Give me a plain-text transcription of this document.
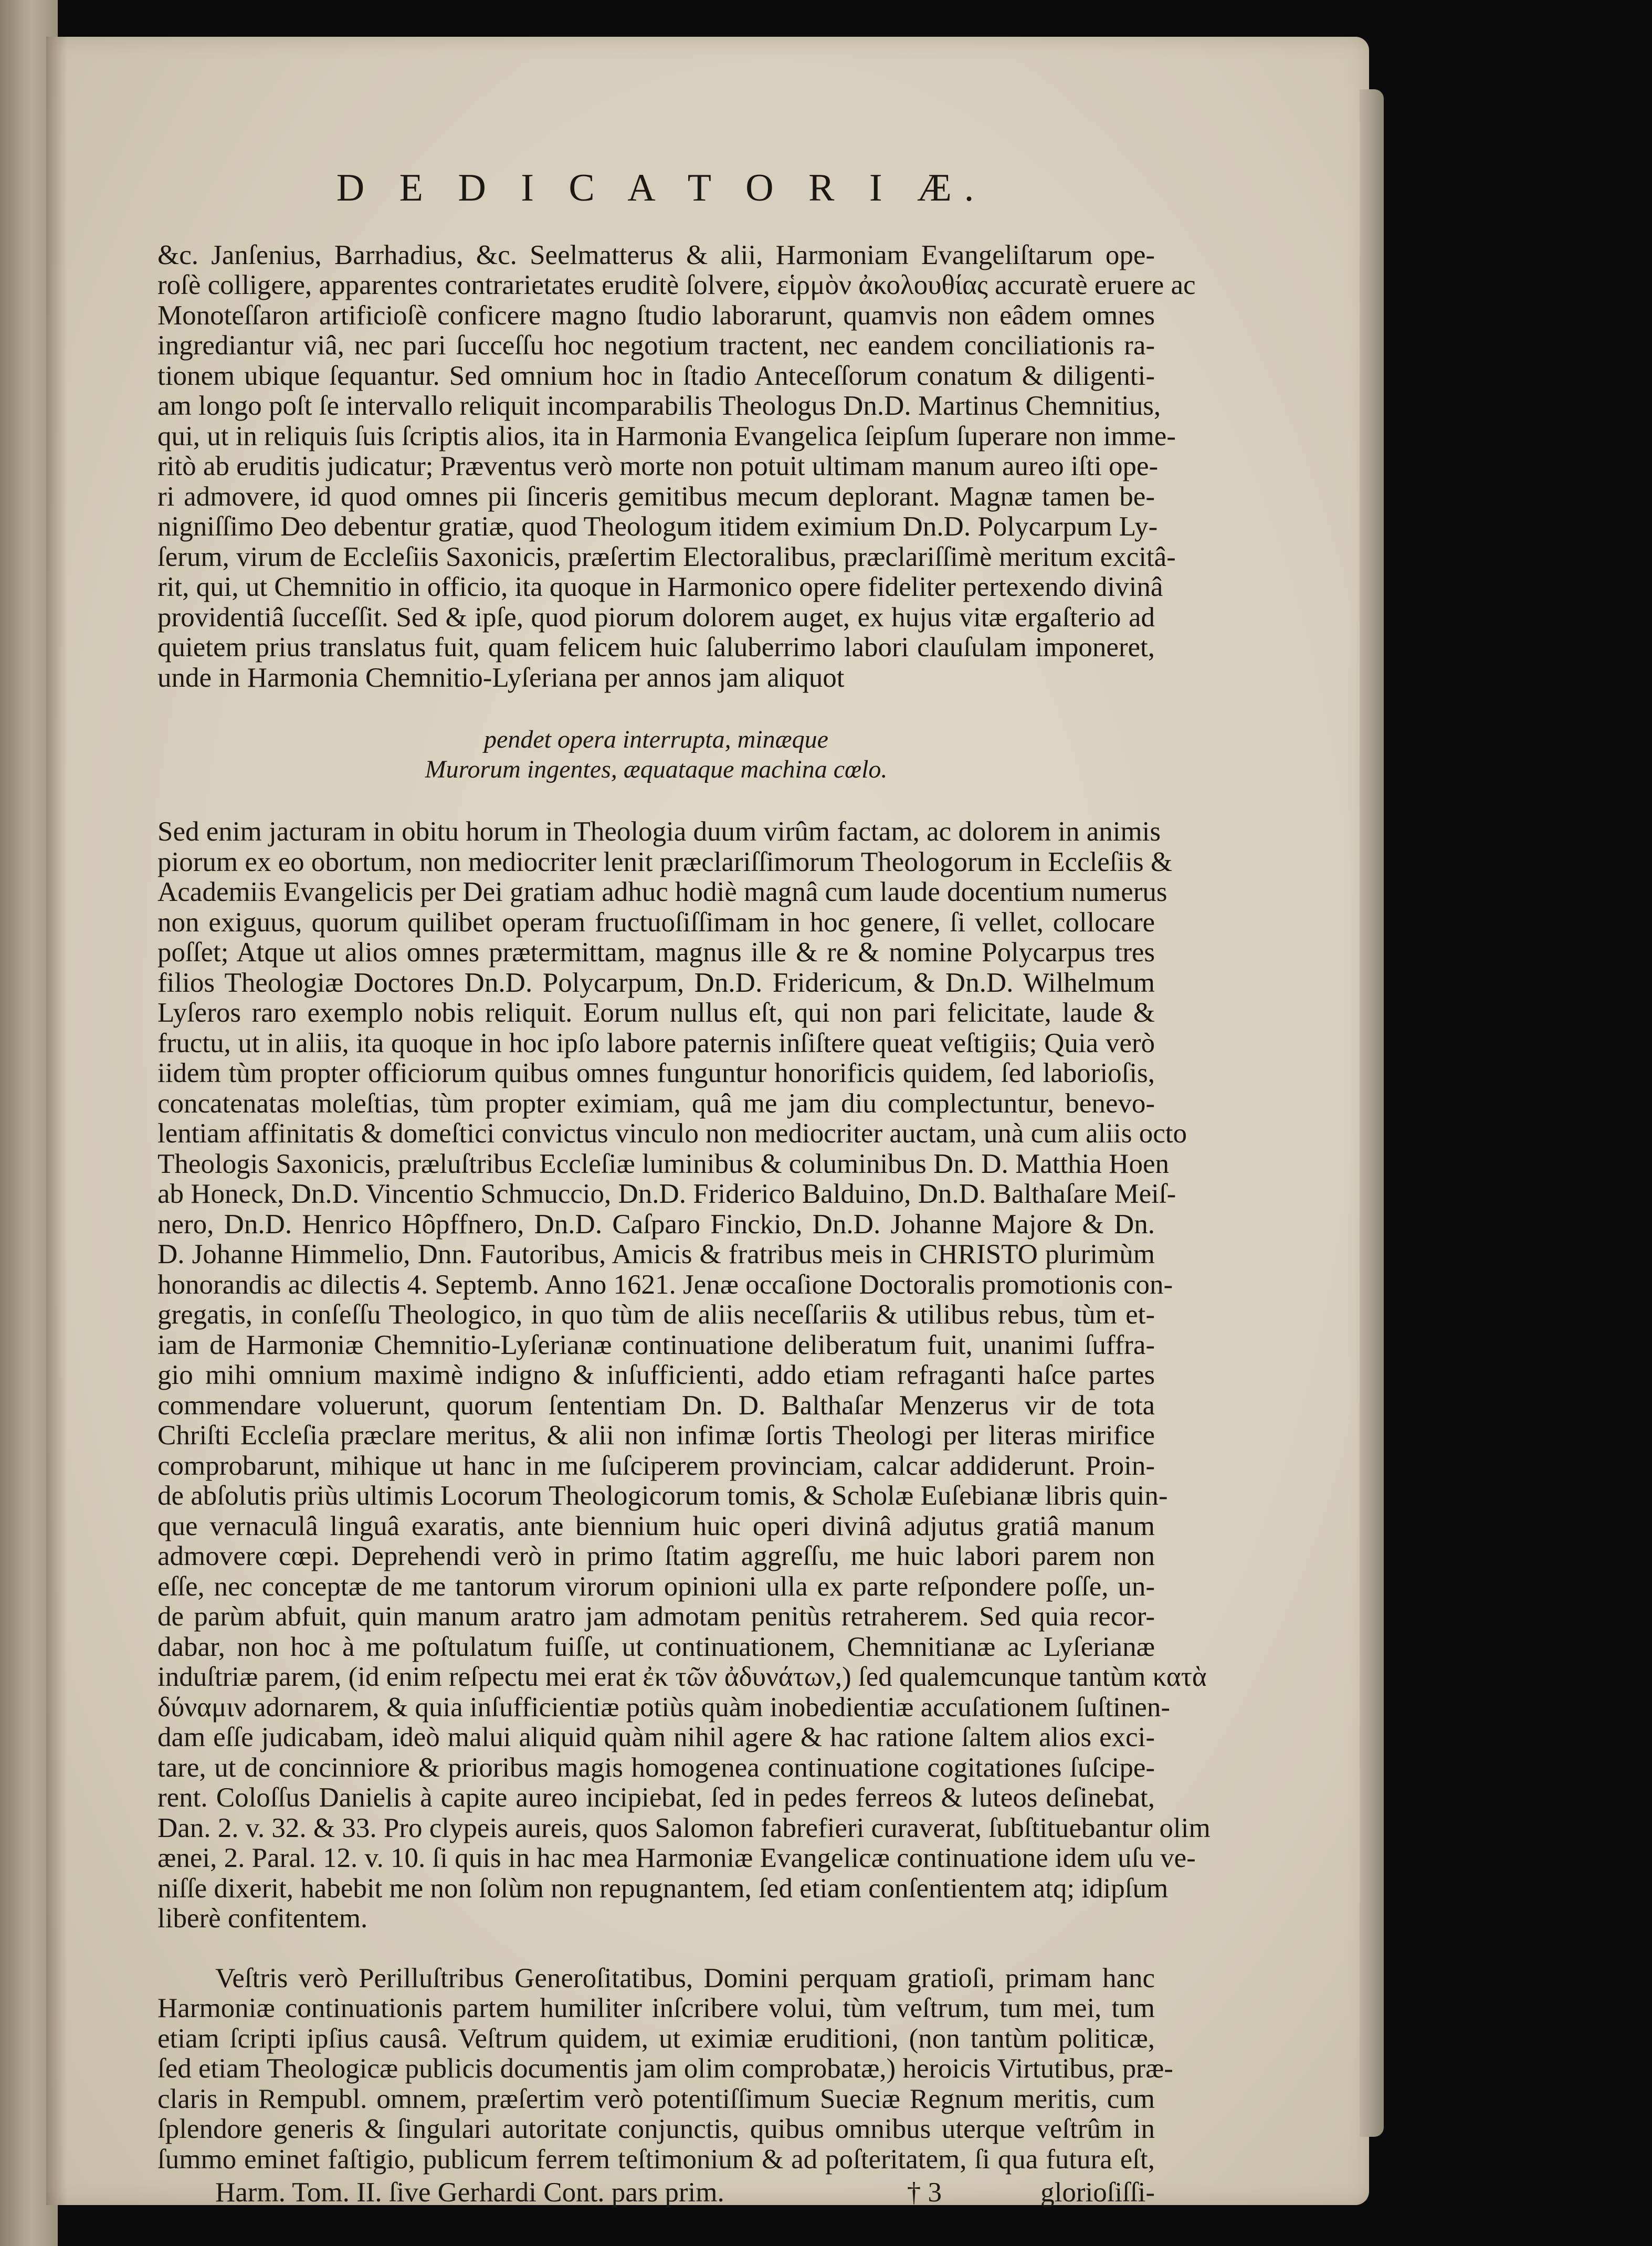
D E D I C A T O R I Æ.
&c. Janſenius, Barrhadius, &c. Seelmatterus & alii, Harmoniam Evangeliſtarum ope-
roſè colligere, apparentes contrarietates eruditè ſolvere, εἱρμὸν ἀκολουθίας accuratè eruere ac
Monoteſſaron artificioſè conficere magno ſtudio laborarunt, quamvis non eâdem omnes
ingrediantur viâ, nec pari ſucceſſu hoc negotium tractent, nec eandem conciliationis ra-
tionem ubique ſequantur. Sed omnium hoc in ſtadio Anteceſſorum conatum & diligenti-
am longo poſt ſe intervallo reliquit incomparabilis Theologus Dn.D. Martinus Chemnitius,
qui, ut in reliquis ſuis ſcriptis alios, ita in Harmonia Evangelica ſeipſum ſuperare non imme-
ritò ab eruditis judicatur; Præventus verò morte non potuit ultimam manum aureo iſti ope-
ri admovere, id quod omnes pii ſinceris gemitibus mecum deplorant. Magnæ tamen be-
nigniſſimo Deo debentur gratiæ, quod Theologum itidem eximium Dn.D. Polycarpum Ly-
ſerum, virum de Eccleſiis Saxonicis, præſertim Electoralibus, præclariſſimè meritum excitâ-
rit, qui, ut Chemnitio in officio, ita quoque in Harmonico opere fideliter pertexendo divinâ
providentiâ ſucceſſit. Sed & ipſe, quod piorum dolorem auget, ex hujus vitæ ergaſterio ad
quietem prius translatus fuit, quam felicem huic ſaluberrimo labori clauſulam imponeret,
unde in Harmonia Chemnitio-Lyſeriana per annos jam aliquot
pendet opera interrupta, minæque
Murorum ingentes, æquataque machina cœlo.
Sed enim jacturam in obitu horum in Theologia duum virûm factam, ac dolorem in animis
piorum ex eo obortum, non mediocriter lenit præclariſſimorum Theologorum in Eccleſiis &
Academiis Evangelicis per Dei gratiam adhuc hodiè magnâ cum laude docentium numerus
non exiguus, quorum quilibet operam fructuoſiſſimam in hoc genere, ſi vellet, collocare
poſſet; Atque ut alios omnes prætermittam, magnus ille & re & nomine Polycarpus tres
filios Theologiæ Doctores Dn.D. Polycarpum, Dn.D. Fridericum, & Dn.D. Wilhelmum
Lyſeros raro exemplo nobis reliquit. Eorum nullus eſt, qui non pari felicitate, laude &
fructu, ut in aliis, ita quoque in hoc ipſo labore paternis inſiſtere queat veſtigiis; Quia verò
iidem tùm propter officiorum quibus omnes funguntur honorificis quidem, ſed laborioſis,
concatenatas moleſtias, tùm propter eximiam, quâ me jam diu complectuntur, benevo-
lentiam affinitatis & domeſtici convictus vinculo non mediocriter auctam, unà cum aliis octo
Theologis Saxonicis, præluſtribus Eccleſiæ luminibus & columinibus Dn. D. Matthia Hoen
ab Honeck, Dn.D. Vincentio Schmuccio, Dn.D. Friderico Balduino, Dn.D. Balthaſare Meiſ-
nero, Dn.D. Henrico Hôpffnero, Dn.D. Caſparo Finckio, Dn.D. Johanne Majore & Dn.
D. Johanne Himmelio, Dnn. Fautoribus, Amicis & fratribus meis in CHRISTO plurimùm
honorandis ac dilectis 4. Septemb. Anno 1621. Jenæ occaſione Doctoralis promotionis con-
gregatis, in conſeſſu Theologico, in quo tùm de aliis neceſſariis & utilibus rebus, tùm et-
iam de Harmoniæ Chemnitio-Lyſerianæ continuatione deliberatum fuit, unanimi ſuffra-
gio mihi omnium maximè indigno & inſufficienti, addo etiam refraganti haſce partes
commendare voluerunt, quorum ſententiam Dn. D. Balthaſar Menzerus vir de tota
Chriſti Eccleſia præclare meritus, & alii non infimæ ſortis Theologi per literas mirifice
comprobarunt, mihique ut hanc in me ſuſciperem provinciam, calcar addiderunt. Proin-
de abſolutis priùs ultimis Locorum Theologicorum tomis, & Scholæ Euſebianæ libris quin-
que vernaculâ linguâ exaratis, ante biennium huic operi divinâ adjutus gratiâ manum
admovere cœpi. Deprehendi verò in primo ſtatim aggreſſu, me huic labori parem non
eſſe, nec conceptæ de me tantorum virorum opinioni ulla ex parte reſpondere poſſe, un-
de parùm abfuit, quin manum aratro jam admotam penitùs retraherem. Sed quia recor-
dabar, non hoc à me poſtulatum fuiſſe, ut continuationem, Chemnitianæ ac Lyſerianæ
induſtriæ parem, (id enim reſpectu mei erat ἐκ τῶν ἀδυνάτων,) ſed qualemcunque tantùm κατὰ
δύναμιν adornarem, & quia inſufficientiæ potiùs quàm inobedientiæ accuſationem ſuſtinen-
dam eſſe judicabam, ideò malui aliquid quàm nihil agere & hac ratione ſaltem alios exci-
tare, ut de concinniore & prioribus magis homogenea continuatione cogitationes ſuſcipe-
rent. Coloſſus Danielis à capite aureo incipiebat, ſed in pedes ferreos & luteos deſinebat,
Dan. 2. v. 32. & 33. Pro clypeis aureis, quos Salomon fabrefieri curaverat, ſubſtituebantur olim
ænei, 2. Paral. 12. v. 10. ſi quis in hac mea Harmoniæ Evangelicæ continuatione idem uſu ve-
niſſe dixerit, habebit me non ſolùm non repugnantem, ſed etiam conſentientem atq; idipſum
liberè confitentem.
Veſtris verò Perilluſtribus Generoſitatibus, Domini perquam gratioſi, primam hanc
Harmoniæ continuationis partem humiliter inſcribere volui, tùm veſtrum, tum mei, tum
etiam ſcripti ipſius causâ. Veſtrum quidem, ut eximiæ eruditioni, (non tantùm politicæ,
ſed etiam Theologicæ publicis documentis jam olim comprobatæ,) heroicis Virtutibus, præ-
claris in Rempubl. omnem, præſertim verò potentiſſimum Sueciæ Regnum meritis, cum
ſplendore generis & ſingulari autoritate conjunctis, quibus omnibus uterque veſtrûm in
ſummo eminet faſtigio, publicum ferrem teſtimonium & ad poſteritatem, ſi qua futura eſt,
Harm. Tom. II. ſive Gerhardi Cont. pars prim.	† 3	glorioſiſſi-
